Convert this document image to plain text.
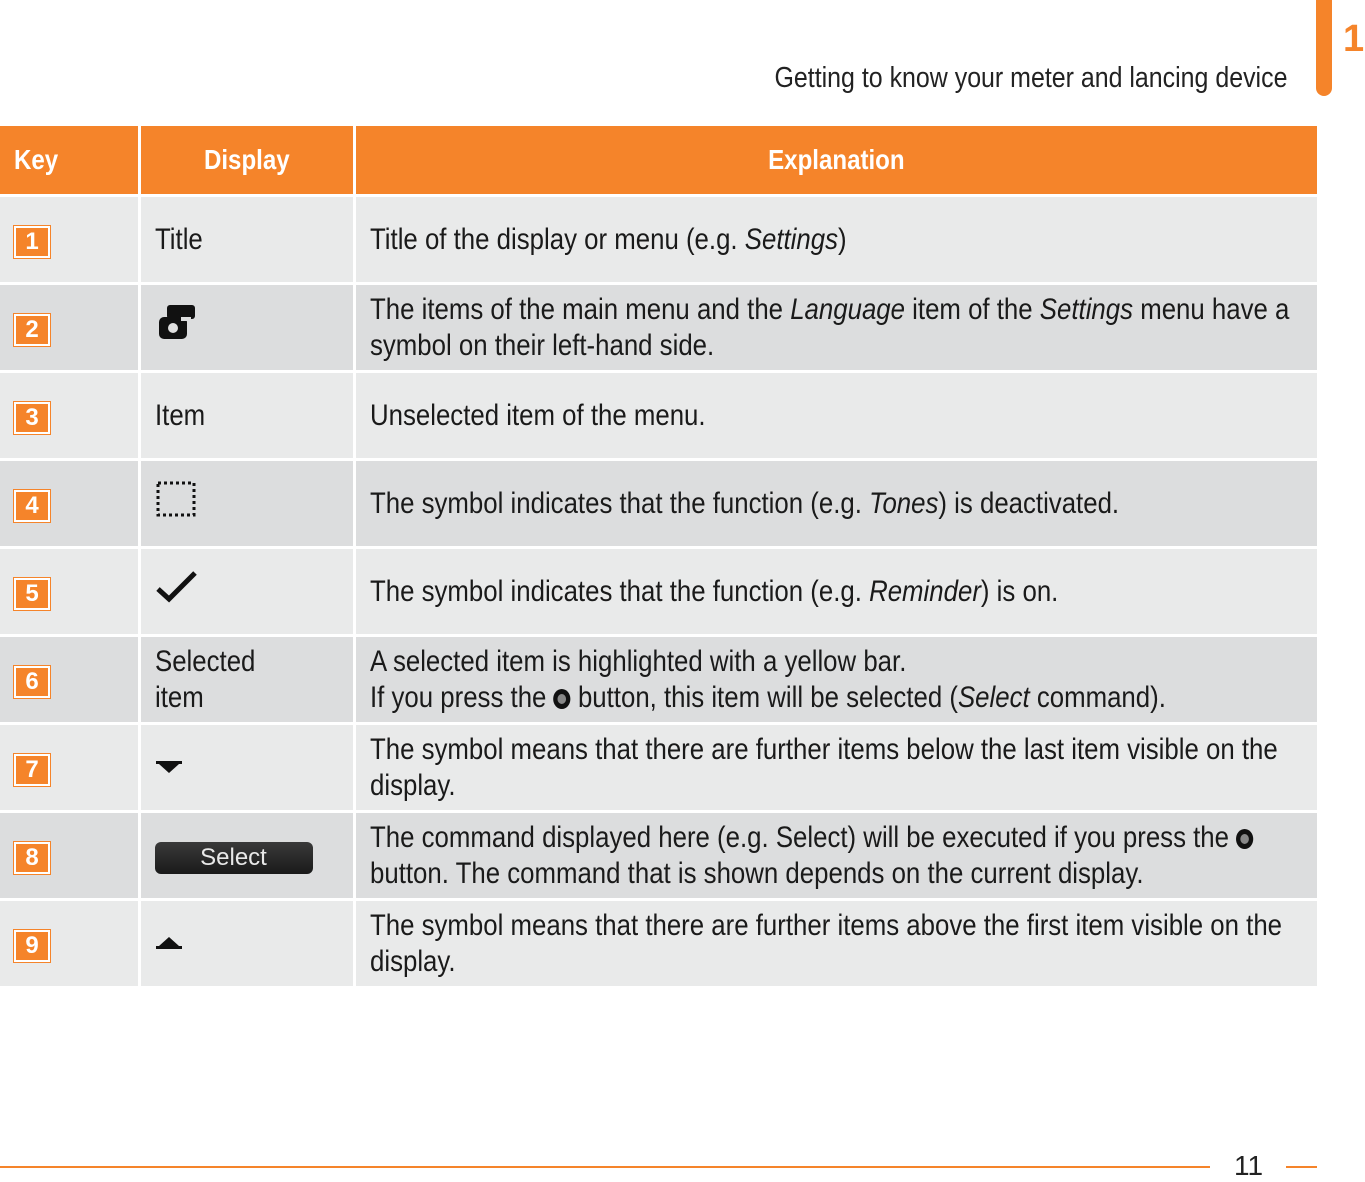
Getting to know your meter and lancing device
1
Key	Display	Explanation
1	Title	Title of the display or menu (e.g. Settings)
2		The items of the main menu and the Language item of the Settings menu have a symbol on their left-hand side.
3	Item	Unselected item of the menu.
4		The symbol indicates that the function (e.g. Tones) is deactivated.
5		The symbol indicates that the function (e.g. Reminder) is on.
6	Selected
item	A selected item is highlighted with a yellow bar.
If you press the  button, this item will be selected (Select command).
7		The symbol means that there are further items below the last item visible on the display.
8	Select	The command displayed here (e.g. Select) will be executed if you press the  button. The command that is shown depends on the current display.
9		The symbol means that there are further items above the first item visible on the display.
11
